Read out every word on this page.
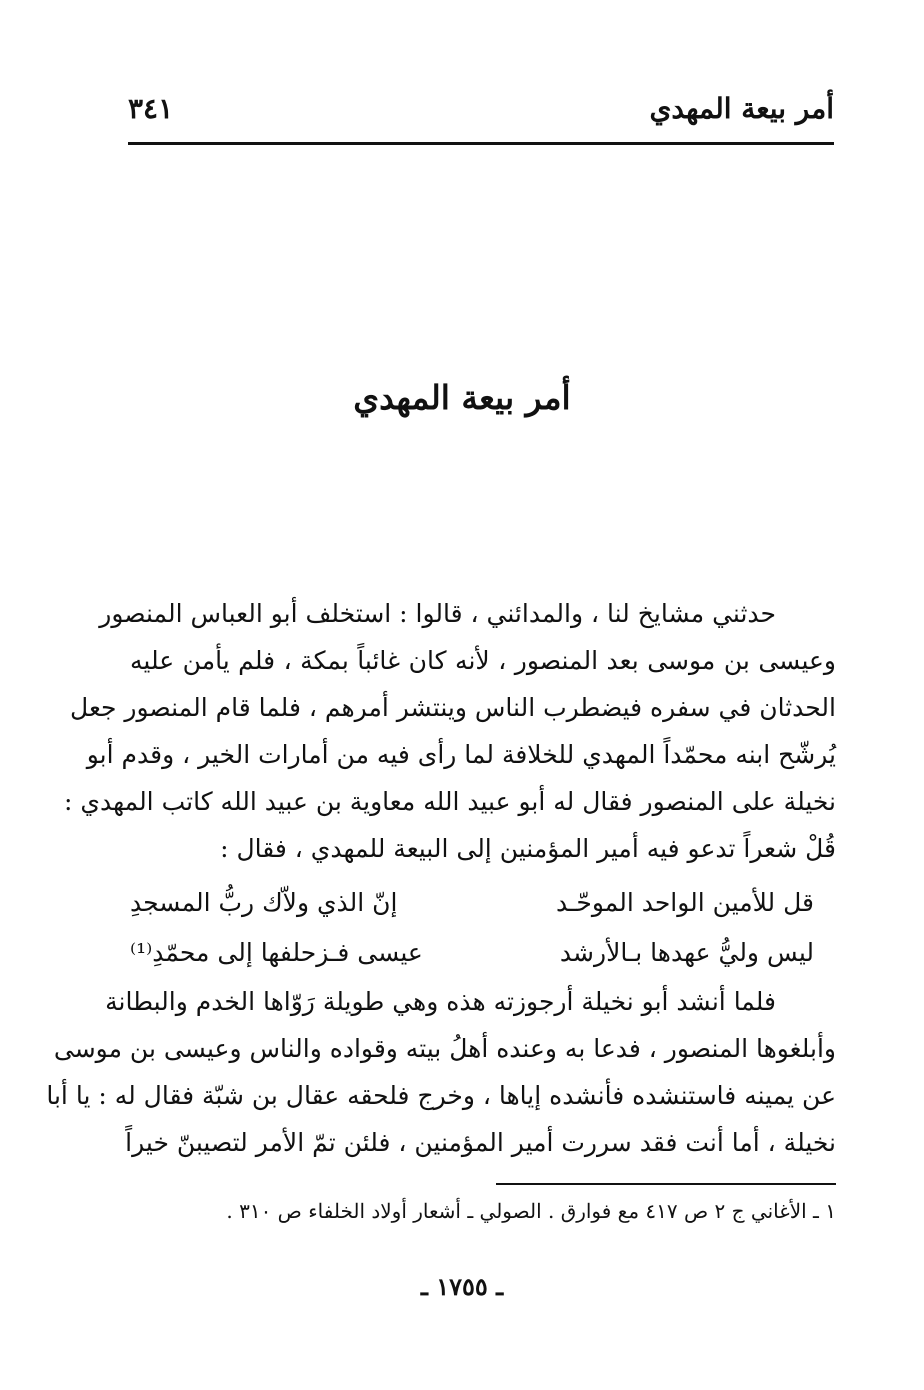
أمر بيعة المهدي
٣٤١
أمر بيعة المهدي
حدثني مشايخ لنا ، والمدائني ، قالوا : استخلف أبو العباس المنصور
وعيسى بن موسى بعد المنصور ، لأنه كان غائباً بمكة ، فلم يأمن عليه
الحدثان في سفره فيضطرب الناس وينتشر أمرهم ، فلما قام المنصور جعل
يُرشّح ابنه محمّداً المهدي للخلافة لما رأى فيه من أمارات الخير ، وقدم أبو
نخيلة على المنصور فقال له أبو عبيد الله معاوية بن عبيد الله كاتب المهدي :
قُلْ شعراً تدعو فيه أمير المؤمنين إلى البيعة للمهدي ، فقال :
قل للأمين الواحد الموحّـد
إنّ الذي ولاّك ربُّ المسجدِ
ليس وليُّ عهدها بـالأرشد
عيسى فـزحلفها إلى محمّدِ⁽¹⁾
فلما أنشد أبو نخيلة أرجوزته هذه وهي طويلة رَوّاها الخدم والبطانة
وأبلغوها المنصور ، فدعا به وعنده أهلُ بيته وقواده والناس وعيسى بن موسى
عن يمينه فاستنشده فأنشده إياها ، وخرج فلحقه عقال بن شبّة فقال له : يا أبا
نخيلة ، أما أنت فقد سررت أمير المؤمنين ، فلئن تمّ الأمر لتصيبنّ خيراً
١ ـ الأغاني ج ٢ ص ٤١٧ مع فوارق . الصولي ـ أشعار أولاد الخلفاء ص ٣١٠ .
ـ ١٧٥٥ ـ
